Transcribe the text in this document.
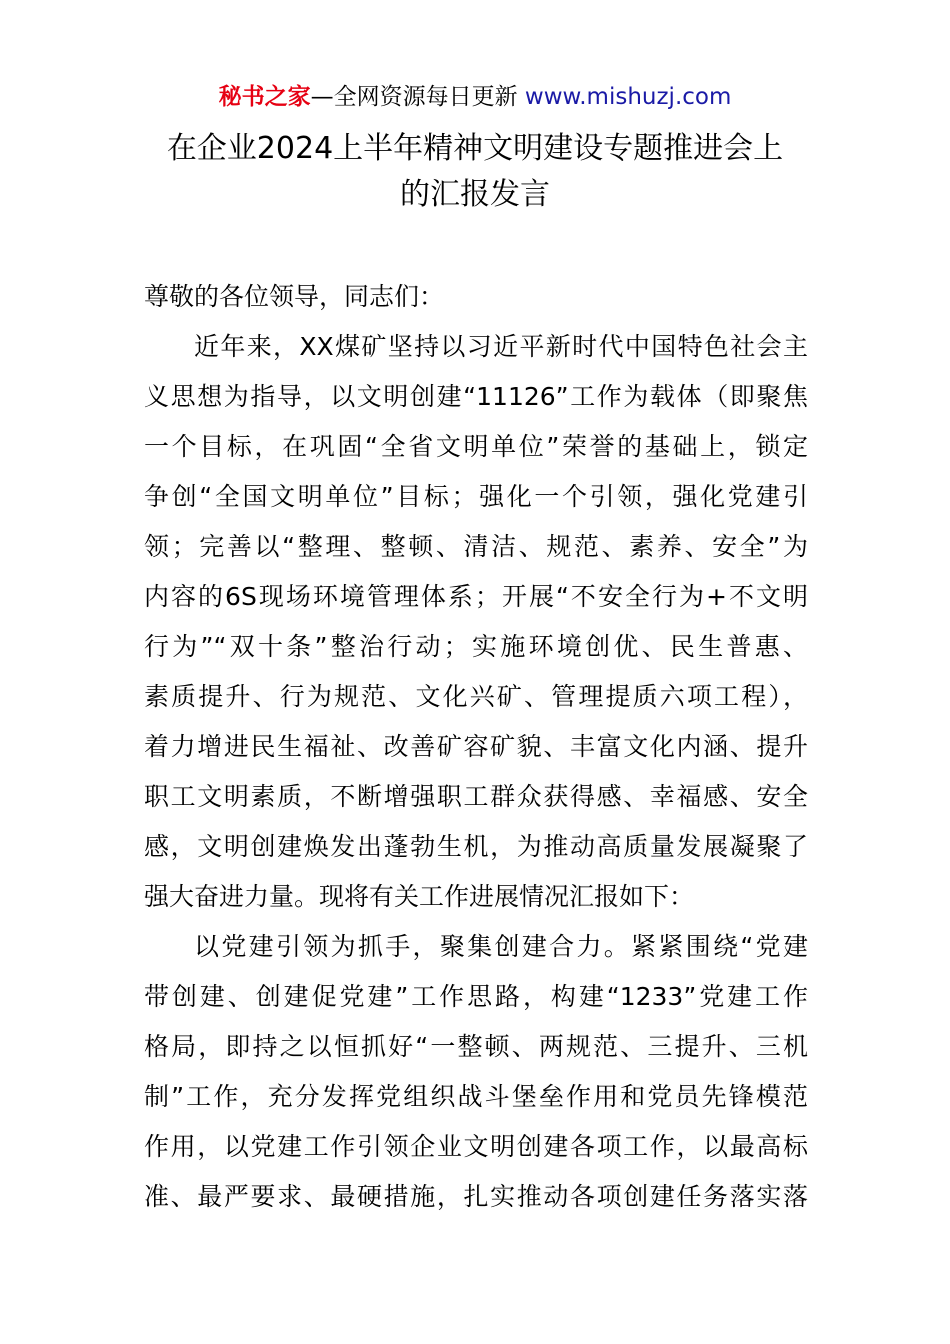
秘书之家—全网资源每日更新 www.mishuzj.com
在企业2024上半年精神文明建设专题推进会上
的汇报发言
尊敬的各位领导，同志们：
近年来，XX煤矿坚持以习近平新时代中国特色社会主
义思想为指导，以文明创建“11126”工作为载体（即聚焦
一个目标，在巩固“全省文明单位”荣誉的基础上，锁定
争创“全国文明单位”目标；强化一个引领，强化党建引
领；完善以“整理、整顿、清洁、规范、素养、安全”为
内容的6S现场环境管理体系；开展“不安全行为+不文明
行为”“双十条”整治行动；实施环境创优、民生普惠、
素质提升、行为规范、文化兴矿、管理提质六项工程），
着力增进民生福祉、改善矿容矿貌、丰富文化内涵、提升
职工文明素质，不断增强职工群众获得感、幸福感、安全
感，文明创建焕发出蓬勃生机，为推动高质量发展凝聚了
强大奋进力量。现将有关工作进展情况汇报如下：
以党建引领为抓手，聚集创建合力。紧紧围绕“党建
带创建、创建促党建”工作思路，构建“1233”党建工作
格局，即持之以恒抓好“一整顿、两规范、三提升、三机
制”工作，充分发挥党组织战斗堡垒作用和党员先锋模范
作用，以党建工作引领企业文明创建各项工作，以最高标
准、最严要求、最硬措施，扎实推动各项创建任务落实落
